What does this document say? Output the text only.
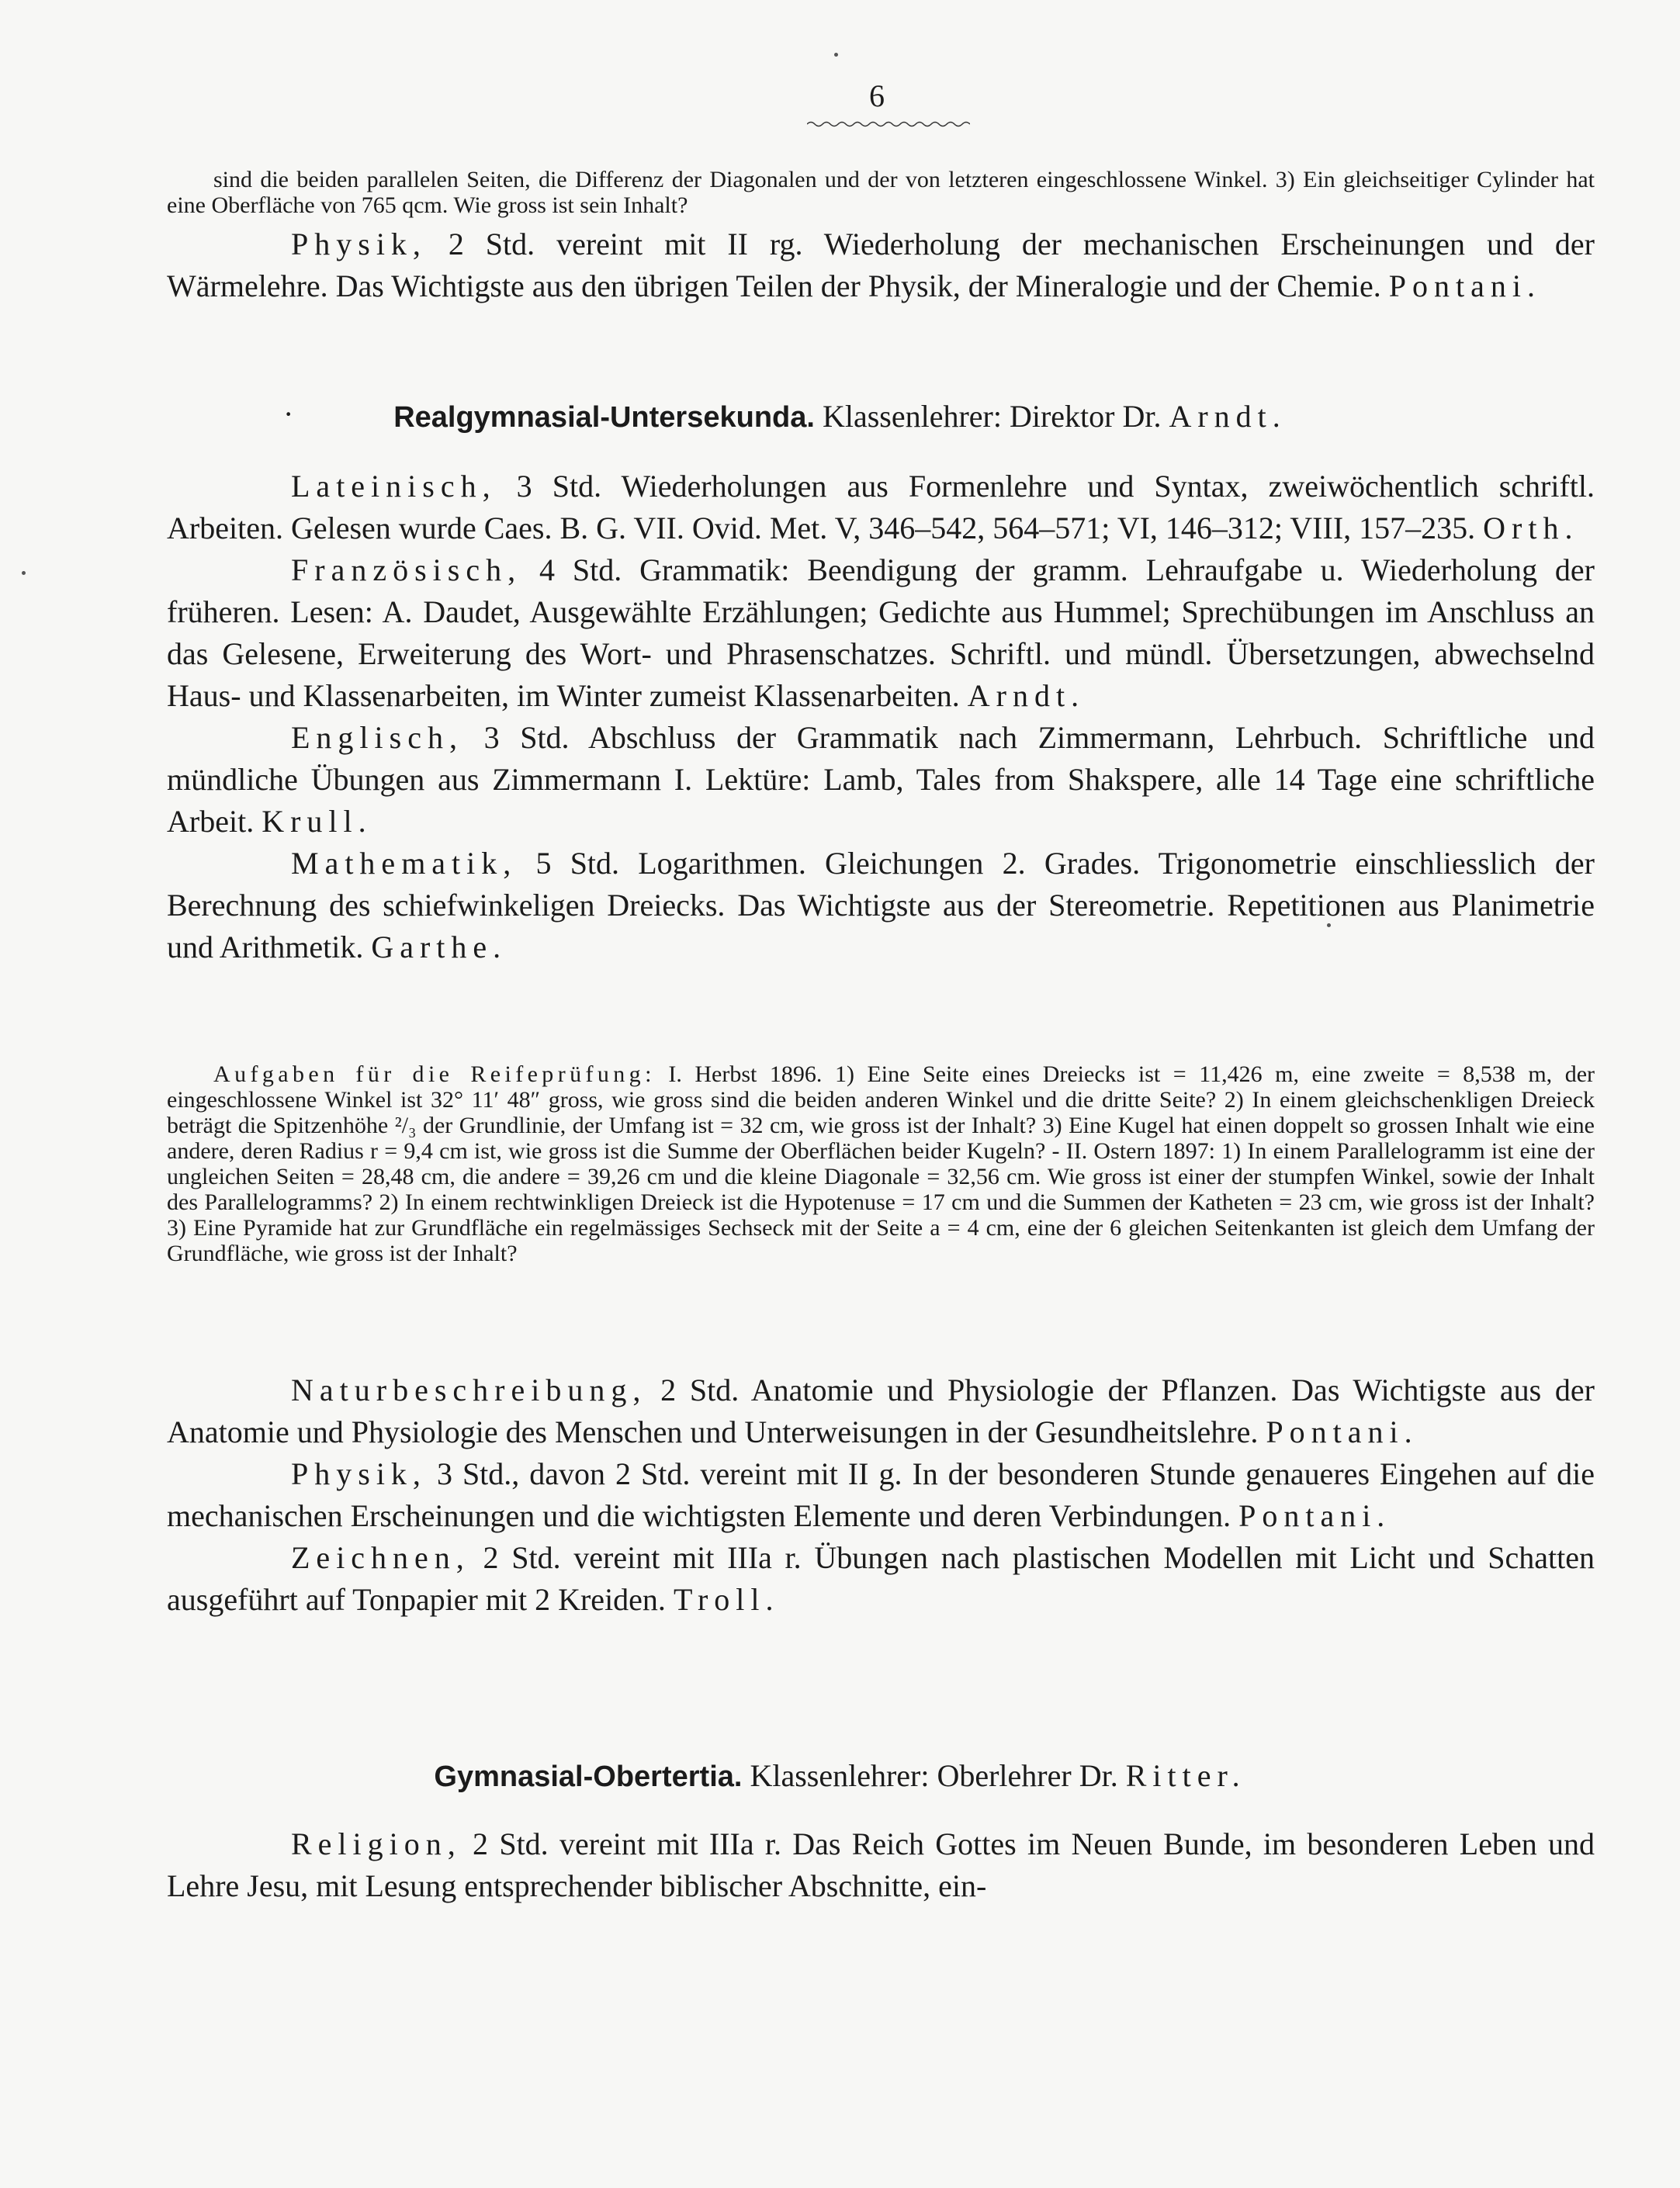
6

sind die beiden parallelen Seiten, die Differenz der Diagonalen und der von letzteren eingeschlossene Winkel. 3) Ein gleichseitiger Cylinder hat eine Oberfläche von 765 qcm. Wie gross ist sein Inhalt?

Physik, 2 Std. vereint mit II rg. Wiederholung der mechanischen Erscheinungen und der Wärmelehre. Das Wichtigste aus den übrigen Teilen der Physik, der Mineralogie und der Chemie. Pontani.

·	Realgymnasial-Untersekunda. Klassenlehrer: Direktor Dr. Arndt.

Lateinisch, 3 Std. Wiederholungen aus Formenlehre und Syntax, zweiwöchentlich schriftl. Arbeiten. Gelesen wurde Caes. B. G. VII. Ovid. Met. V, 346–542, 564–571; VI, 146–312; VIII, 157–235. Orth.

Französisch, 4 Std. Grammatik: Beendigung der gramm. Lehraufgabe u. Wiederholung der früheren. Lesen: A. Daudet, Ausgewählte Erzählungen; Gedichte aus Hummel; Sprechübungen im Anschluss an das Gelesene, Erweiterung des Wort- und Phrasenschatzes. Schriftl. und mündl. Übersetzungen, abwechselnd Haus- und Klassenarbeiten, im Winter zumeist Klassenarbeiten. Arndt.

Englisch, 3 Std. Abschluss der Grammatik nach Zimmermann, Lehrbuch. Schriftliche und mündliche Übungen aus Zimmermann I. Lektüre: Lamb, Tales from Shakspere, alle 14 Tage eine schriftliche Arbeit. Krull.

Mathematik, 5 Std. Logarithmen. Gleichungen 2. Grades. Trigonometrie einschliesslich der Berechnung des schiefwinkeligen Dreiecks. Das Wichtigste aus der Stereometrie. Repetitionen aus Planimetrie und Arithmetik. Garthe.

Aufgaben für die Reifeprüfung: I. Herbst 1896. 1) Eine Seite eines Dreiecks ist = 11,426 m, eine zweite = 8,538 m, der eingeschlossene Winkel ist 32° 11′ 48″ gross, wie gross sind die beiden anderen Winkel und die dritte Seite? 2) In einem gleichschenkligen Dreieck beträgt die Spitzenhöhe ²/₃ der Grundlinie, der Umfang ist = 32 cm, wie gross ist der Inhalt? 3) Eine Kugel hat einen doppelt so grossen Inhalt wie eine andere, deren Radius r = 9,4 cm ist, wie gross ist die Summe der Oberflächen beider Kugeln? - II. Ostern 1897: 1) In einem Parallelogramm ist eine der ungleichen Seiten = 28,48 cm, die andere = 39,26 cm und die kleine Diagonale = 32,56 cm. Wie gross ist einer der stumpfen Winkel, sowie der Inhalt des Parallelogramms? 2) In einem rechtwinkligen Dreieck ist die Hypotenuse = 17 cm und die Summen der Katheten = 23 cm, wie gross ist der Inhalt? 3) Eine Pyramide hat zur Grundfläche ein regelmässiges Sechseck mit der Seite a = 4 cm, eine der 6 gleichen Seitenkanten ist gleich dem Umfang der Grundfläche, wie gross ist der Inhalt?

Naturbeschreibung, 2 Std. Anatomie und Physiologie der Pflanzen. Das Wichtigste aus der Anatomie und Physiologie des Menschen und Unterweisungen in der Gesundheitslehre. Pontani.

Physik, 3 Std., davon 2 Std. vereint mit II g. In der besonderen Stunde genaueres Eingehen auf die mechanischen Erscheinungen und die wichtigsten Elemente und deren Verbindungen. Pontani.

Zeichnen, 2 Std. vereint mit IIIa r. Übungen nach plastischen Modellen mit Licht und Schatten ausgeführt auf Tonpapier mit 2 Kreiden. Troll.

Gymnasial-Obertertia. Klassenlehrer: Oberlehrer Dr. Ritter.

Religion, 2 Std. vereint mit IIIa r. Das Reich Gottes im Neuen Bunde, im besonderen Leben und Lehre Jesu, mit Lesung entsprechender biblischer Abschnitte, ein-
